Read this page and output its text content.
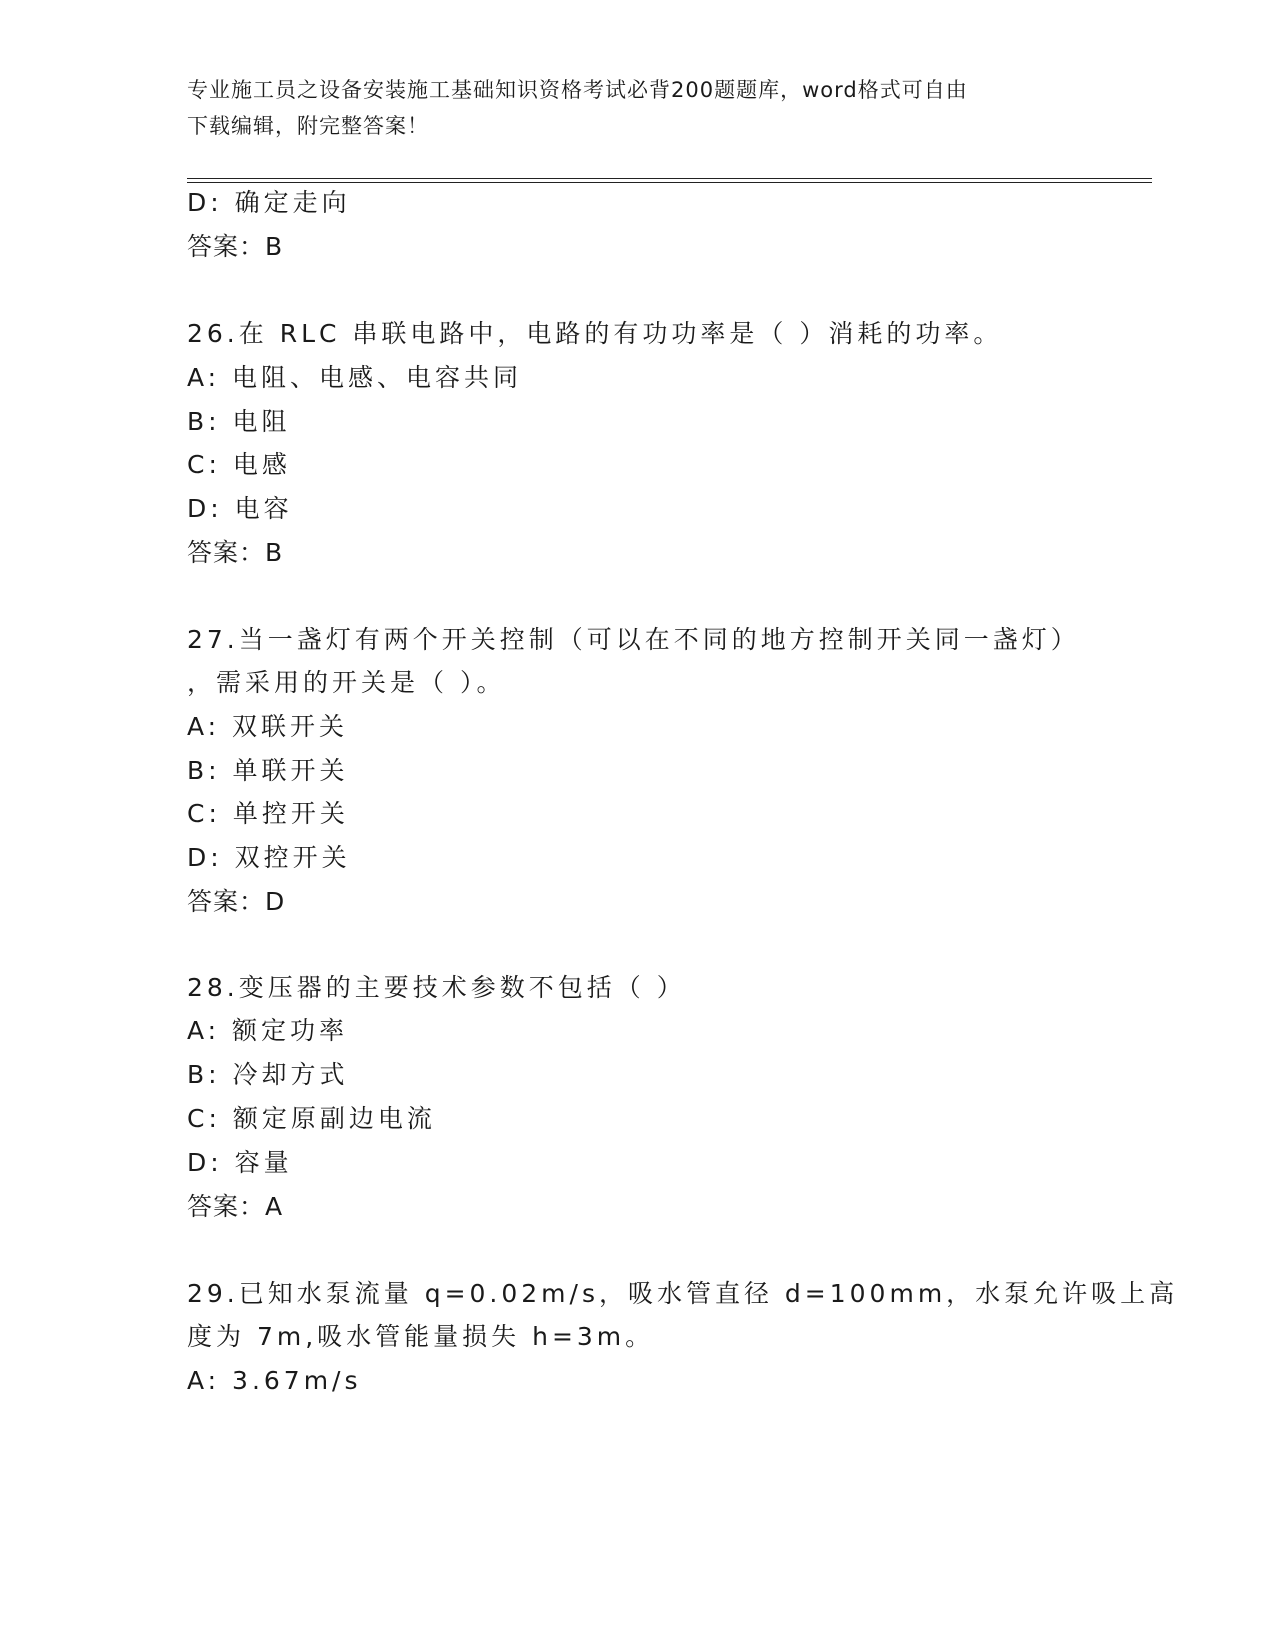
专业施工员之设备安装施工基础知识资格考试必背200题题库，word格式可自由
下载编辑，附完整答案！
D: 确定走向
答案：B
26.在 RLC 串联电路中，电路的有功功率是（ ）消耗的功率。
A: 电阻、电感、电容共同
B: 电阻
C: 电感
D: 电容
答案：B
27.当一盏灯有两个开关控制（可以在不同的地方控制开关同一盏灯）
，需采用的开关是（ ）。
A: 双联开关
B: 单联开关
C: 单控开关
D: 双控开关
答案：D
28.变压器的主要技术参数不包括（ ）
A: 额定功率
B: 冷却方式
C: 额定原副边电流
D: 容量
答案：A
29.已知水泵流量 q=0.02m/s，吸水管直径 d=100mm，水泵允许吸上高
度为 7m,吸水管能量损失 h=3m。
A: 3.67m/s
